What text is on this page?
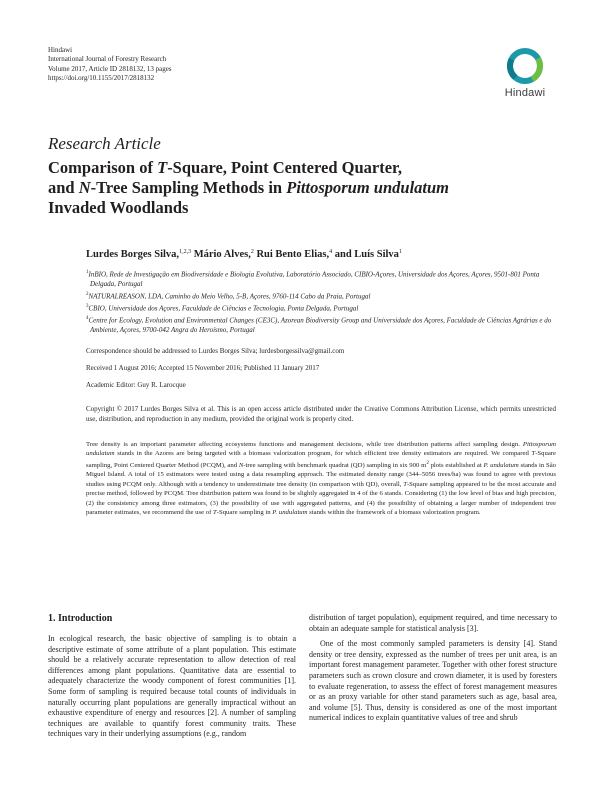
Hindawi
International Journal of Forestry Research
Volume 2017, Article ID 2818132, 13 pages
https://doi.org/10.1155/2017/2818132
Hindawi
Research Article
Comparison of T-Square, Point Centered Quarter,
and N-Tree Sampling Methods in Pittosporum undulatum
Invaded Woodlands
Lurdes Borges Silva,$^{1,2,3}$ Mário Alves,$^2$ Rui Bento Elias,$^4$ and Luís Silva$^1$

$^1$InBIO, Rede de Investigação em Biodiversidade e Biologia Evolutiva, Laboratório Associado, CIBIO-Açores, Universidade dos Açores, Açores, 9501-801 Ponta Delgada, Portugal

$^2$NATURALREASON, LDA, Caminho do Meio Velho, 5-B, Açores, 9760-114 Cabo da Praia, Portugal

$^3$CBIO, Universidade dos Açores, Faculdade de Ciências e Tecnologia, Ponta Delgada, Portugal

$^4$Centre for Ecology, Evolution and Environmental Changes (CE3C), Azorean Biodiversity Group and Universidade dos Açores, Faculdade de Ciências Agrárias e do Ambiente, Açores, 9700-042 Angra do Heroísmo, Portugal

Correspondence should be addressed to Lurdes Borges Silva; lurdesborgessilva@gmail.com
Received 1 August 2016; Accepted 15 November 2016; Published 11 January 2017
Academic Editor: Guy R. Larocque
Copyright © 2017 Lurdes Borges Silva et al. This is an open access article distributed under the Creative Commons Attribution License, which permits unrestricted use, distribution, and reproduction in any medium, provided the original work is properly cited.
Tree density is an important parameter affecting ecosystems functions and management decisions, while tree distribution patterns affect sampling design. Pittosporum undulatum stands in the Azores are being targeted with a biomass valorization program, for which efficient tree density estimators are required. We compared T-Square sampling, Point Centered Quarter Method (PCQM), and N-tree sampling with benchmark quadrat (QD) sampling in six 900 $m^2$ plots established at P. undulatum stands in São Miguel Island. A total of 15 estimators were tested using a data resampling approach. The estimated density range (344–5056 trees/ha) was found to agree with previous studies using PCQM only. Although with a tendency to underestimate tree density (in comparison with QD), overall, T-Square sampling appeared to be the most accurate and precise method, followed by PCQM. Tree distribution pattern was found to be slightly aggregated in 4 of the 6 stands. Considering (1) the low level of bias and high precision, (2) the consistency among three estimators, (3) the possibility of use with aggregated patterns, and (4) the possibility of obtaining a larger number of independent tree parameter estimates, we recommend the use of T-Square sampling in P. undulatum stands within the framework of a biomass valorization program.
1. Introduction

In ecological research, the basic objective of sampling is to obtain a descriptive estimate of some attribute of a plant population. This estimate should be a relatively accurate representation to allow detection of real differences among plant populations. Quantitative data are essential to adequately characterize the woody component of forest communities [1]. Some form of sampling is required because total counts of individuals in naturally occurring plant populations are generally impractical without an exhaustive expenditure of energy and resources [2]. A number of sampling techniques are available to quantify forest community traits. These techniques vary in their underlying assumptions (e.g., random

distribution of target population), equipment required, and time necessary to obtain an adequate sample for statistical analysis [3].

One of the most commonly sampled parameters is density [4]. Stand density or tree density, expressed as the number of trees per unit area, is an important forest management parameter. Together with other forest structure parameters such as crown closure and crown diameter, it is used by foresters to evaluate regeneration, to assess the effect of forest management measures or as an proxy variable for other stand parameters such as age, basal area, and volume [5]. Thus, density is considered as one of the most important numerical indices to explain quantitative values of tree and shrub
